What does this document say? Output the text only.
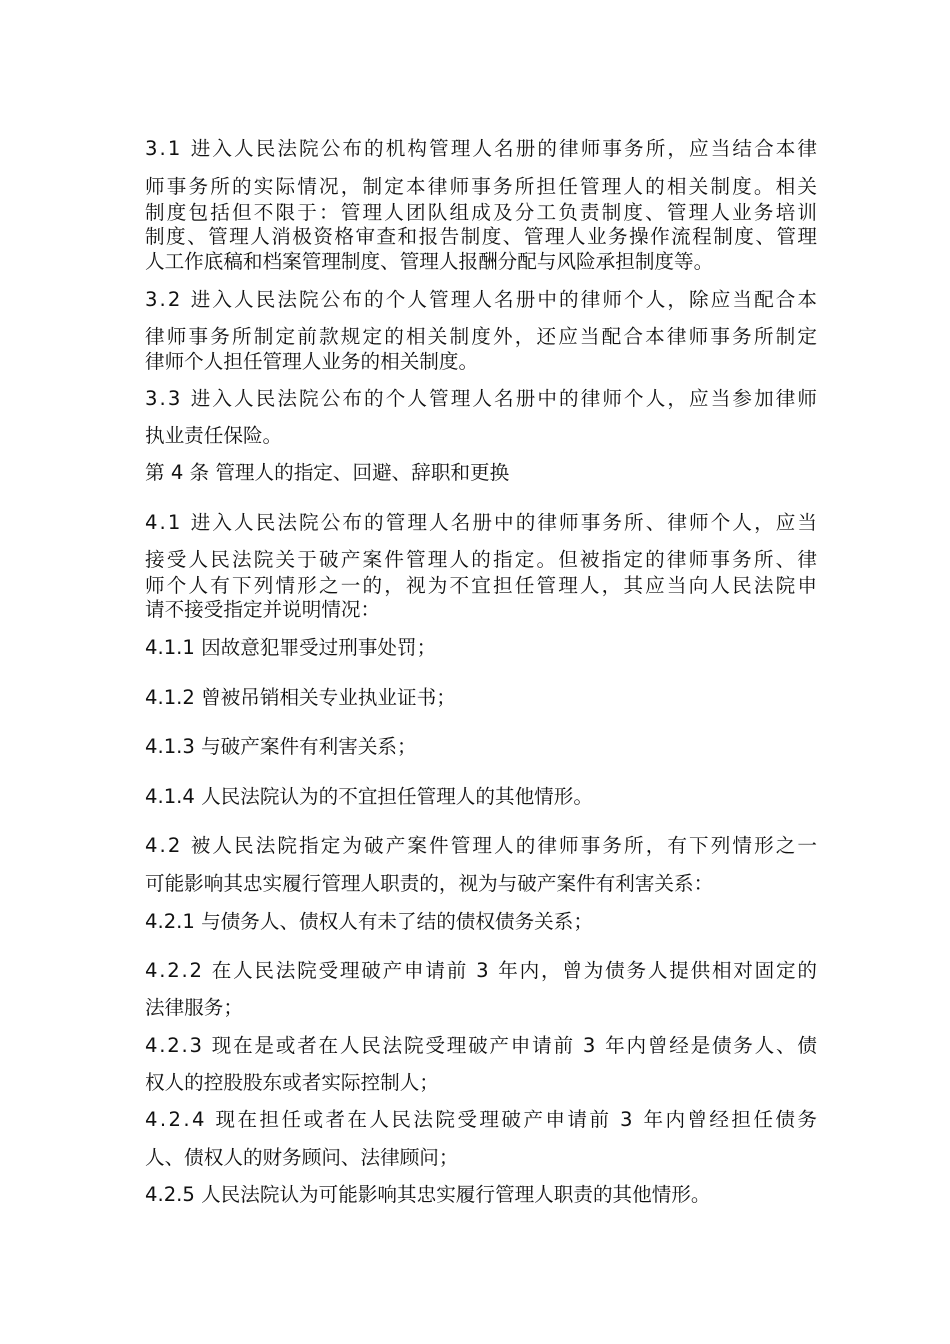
3.1 进入人民法院公布的机构管理人名册的律师事务所，应当结合本律
师事务所的实际情况，制定本律师事务所担任管理人的相关制度。相关
制度包括但不限于：管理人团队组成及分工负责制度、管理人业务培训
制度、管理人消极资格审查和报告制度、管理人业务操作流程制度、管理
人工作底稿和档案管理制度、管理人报酬分配与风险承担制度等。
3.2 进入人民法院公布的个人管理人名册中的律师个人，除应当配合本
律师事务所制定前款规定的相关制度外，还应当配合本律师事务所制定
律师个人担任管理人业务的相关制度。
3.3 进入人民法院公布的个人管理人名册中的律师个人，应当参加律师
执业责任保险。
第 4 条 管理人的指定、回避、辞职和更换
4.1 进入人民法院公布的管理人名册中的律师事务所、律师个人，应当
接受人民法院关于破产案件管理人的指定。但被指定的律师事务所、律
师个人有下列情形之一的，视为不宜担任管理人，其应当向人民法院申
请不接受指定并说明情况：
4.1.1 因故意犯罪受过刑事处罚；
4.1.2 曾被吊销相关专业执业证书；
4.1.3 与破产案件有利害关系；
4.1.4 人民法院认为的不宜担任管理人的其他情形。
4.2 被人民法院指定为破产案件管理人的律师事务所，有下列情形之一
可能影响其忠实履行管理人职责的，视为与破产案件有利害关系：
4.2.1 与债务人、债权人有未了结的债权债务关系；
4.2.2 在人民法院受理破产申请前 3 年内，曾为债务人提供相对固定的
法律服务；
4.2.3 现在是或者在人民法院受理破产申请前 3 年内曾经是债务人、债
权人的控股股东或者实际控制人；
4.2.4 现在担任或者在人民法院受理破产申请前 3 年内曾经担任债务
人、债权人的财务顾问、法律顾问；
4.2.5 人民法院认为可能影响其忠实履行管理人职责的其他情形。
